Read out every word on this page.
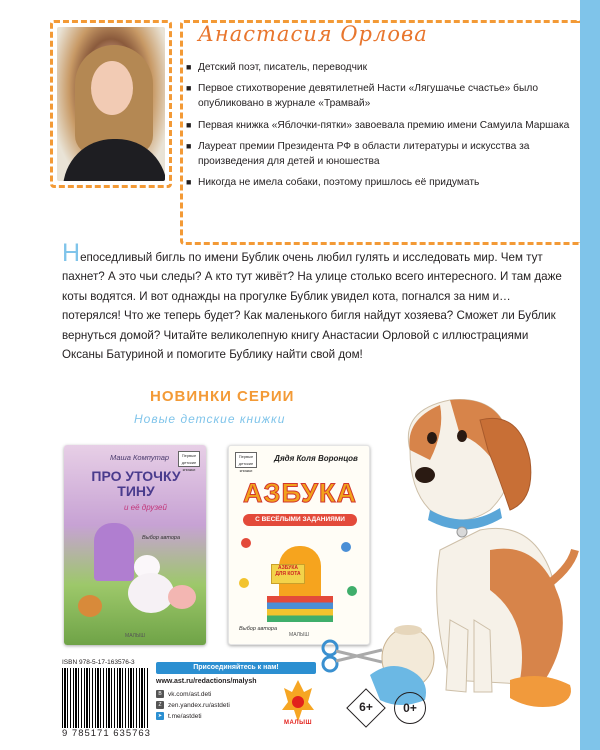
Анастасия Орлова
■ Детский поэт, писатель, переводчик
■ Первое стихотворение девятилетней Насти «Лягушачье счастье» было опубликовано в журнале «Трамвай»
■ Первая книжка «Яблочки-пятки» завоевала премию имени Самуила Маршака
■ Лауреат премии Президента РФ в области литературы и искусства за произведения для детей и юношества
■ Никогда не имела собаки, поэтому пришлось её придумать

Непоседливый бигль по имени Бублик очень любил гулять и исследовать мир. Чем тут пахнет? А это чьи следы? А кто тут живёт? На улице столько всего интересного. И там даже коты водятся. И вот однажды на прогулке Бублик увидел кота, погнался за ним и… потерялся! Что же теперь будет? Как маленького бигля найдут хозяева? Сможет ли Бублик вернуться домой? Читайте великолепную книгу Анастасии Орловой с иллюстрациями Оксаны Батуриной и помогите Бублику найти свой дом!

НОВИНКИ СЕРИИ
Новые детские книжки
Маша Компутар	Первые детские книжки
ПРО УТОЧКУ ТИНУ
и её друзей
Выбор автора
МАЛЫШ
Первые детские книжки
Дядя Коля Воронцов
АЗБУКА
С ВЕСЁЛЫМИ ЗАДАНИЯМИ
АЗБУКА ДЛЯ КОТА
Выбор автора
МАЛЫШ
ISBN 978-5-17-163576-3
9 785171 635763
Присоединяйтесь к нам!
www.ast.ru/redactions/malysh
В vk.com/ast.deti
Z zen.yandex.ru/astdeti
➤ t.me/astdeti
МАЛЫШ
6+	0+
